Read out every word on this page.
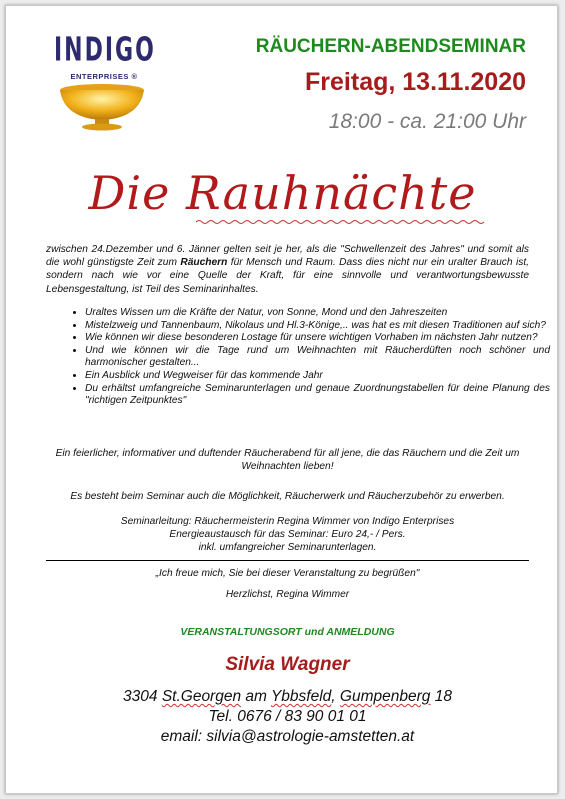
INDIGO
ENTERPRISES ®
RÄUCHERN-ABENDSEMINAR
Freitag, 13.11.2020
18:00 - ca. 21:00 Uhr
Die Rauhnächte
zwischen 24.Dezember und 6. Jänner gelten seit je her, als die "Schwellenzeit des Jahres" und somit als die wohl günstigste Zeit zum Räuchern für Mensch und Raum. Dass dies nicht nur ein uralter Brauch ist, sondern nach wie vor eine Quelle der Kraft, für eine sinnvolle und verantwortungsbewusste Lebensgestaltung, ist Teil des Seminarinhaltes.
• Uraltes Wissen um die Kräfte der Natur, von Sonne, Mond und den Jahreszeiten
• Mistelzweig und Tannenbaum, Nikolaus und Hl.3-Könige,.. was hat es mit diesen Traditionen auf sich?
• Wie können wir diese besonderen Lostage für unsere wichtigen Vorhaben im nächsten Jahr nutzen?
• Und wie können wir die Tage rund um Weihnachten mit Räucherdüften noch schöner und harmonischer gestalten...
• Ein Ausblick und Wegweiser für das kommende Jahr
• Du erhältst umfangreiche Seminarunterlagen und genaue Zuordnungstabellen für deine Planung des "richtigen Zeitpunktes"
Ein feierlicher, informativer und duftender Räucherabend für all jene, die das Räuchern und die Zeit um Weihnachten lieben!
Es besteht beim Seminar auch die Möglichkeit, Räucherwerk und Räucherzubehör zu erwerben.
Seminarleitung: Räuchermeisterin Regina Wimmer von Indigo Enterprises
Energieaustausch für das Seminar: Euro 24,- / Pers.
inkl. umfangreicher Seminarunterlagen.
„Ich freue mich, Sie bei dieser Veranstaltung zu begrüßen"
Herzlichst, Regina Wimmer
VERANSTALTUNGSORT und ANMELDUNG
Silvia Wagner
3304 St.Georgen am Ybbsfeld, Gumpenberg 18
Tel. 0676 / 83 90 01 01
email: silvia@astrologie-amstetten.at
